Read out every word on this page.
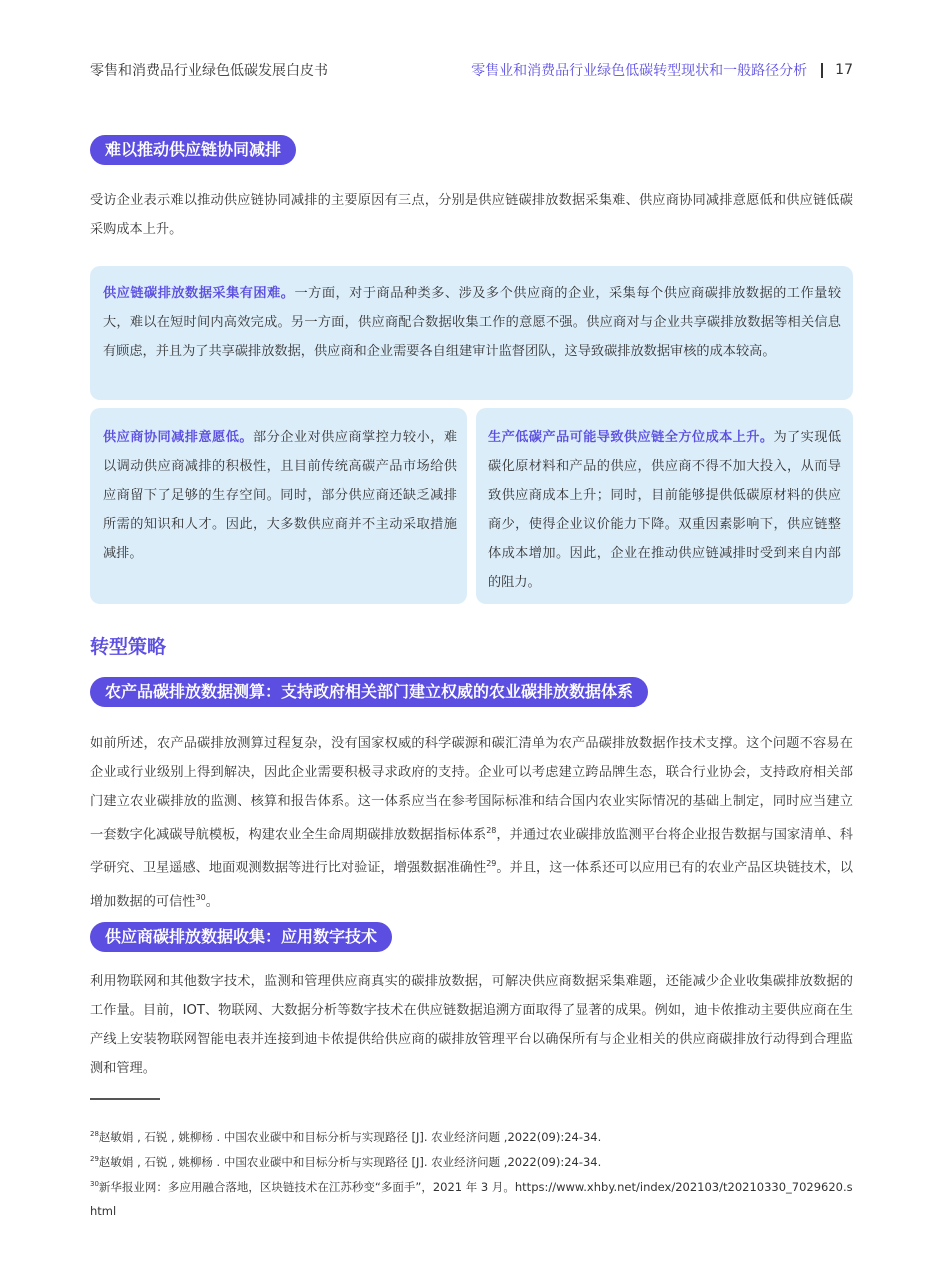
零售和消费品行业绿色低碳发展白皮书	零售业和消费品行业绿色低碳转型现状和一般路径分析 17
难以推动供应链协同减排

受访企业表示难以推动供应链协同减排的主要原因有三点，分别是供应链碳排放数据采集难、供应商协同减排意愿低和供应链低碳采购成本上升。

供应链碳排放数据采集有困难。一方面，对于商品种类多、涉及多个供应商的企业，采集每个供应商碳排放数据的工作量较大，难以在短时间内高效完成。另一方面，供应商配合数据收集工作的意愿不强。供应商对与企业共享碳排放数据等相关信息有顾虑，并且为了共享碳排放数据，供应商和企业需要各自组建审计监督团队，这导致碳排放数据审核的成本较高。

供应商协同减排意愿低。部分企业对供应商掌控力较小，难以调动供应商减排的积极性，且目前传统高碳产品市场给供应商留下了足够的生存空间。同时，部分供应商还缺乏减排所需的知识和人才。因此，大多数供应商并不主动采取措施减排。

生产低碳产品可能导致供应链全方位成本上升。为了实现低碳化原材料和产品的供应，供应商不得不加大投入，从而导致供应商成本上升；同时，目前能够提供低碳原材料的供应商少，使得企业议价能力下降。双重因素影响下，供应链整体成本增加。因此，企业在推动供应链减排时受到来自内部的阻力。

转型策略
农产品碳排放数据测算：支持政府相关部门建立权威的农业碳排放数据体系

如前所述，农产品碳排放测算过程复杂，没有国家权威的科学碳源和碳汇清单为农产品碳排放数据作技术支撑。这个问题不容易在企业或行业级别上得到解决，因此企业需要积极寻求政府的支持。企业可以考虑建立跨品牌生态，联合行业协会，支持政府相关部门建立农业碳排放的监测、核算和报告体系。这一体系应当在参考国际标准和结合国内农业实际情况的基础上制定，同时应当建立一套数字化减碳导航模板，构建农业全生命周期碳排放数据指标体系$^{28}$，并通过农业碳排放监测平台将企业报告数据与国家清单、科学研究、卫星遥感、地面观测数据等进行比对验证，增强数据准确性$^{29}$。并且，这一体系还可以应用已有的农业产品区块链技术，以增加数据的可信性$^{30}$。

供应商碳排放数据收集：应用数字技术

利用物联网和其他数字技术，监测和管理供应商真实的碳排放数据，可解决供应商数据采集难题，还能减少企业收集碳排放数据的工作量。目前，IOT、物联网、大数据分析等数字技术在供应链数据追溯方面取得了显著的成果。例如，迪卡侬推动主要供应商在生产线上安装物联网智能电表并连接到迪卡侬提供给供应商的碳排放管理平台以确保所有与企业相关的供应商碳排放行动得到合理监测和管理。

$^{28}$赵敏娟 , 石锐 , 姚柳杨 . 中国农业碳中和目标分析与实现路径 [J]. 农业经济问题 ,2022(09):24-34.

$^{29}$赵敏娟 , 石锐 , 姚柳杨 . 中国农业碳中和目标分析与实现路径 [J]. 农业经济问题 ,2022(09):24-34.

$^{30}$新华报业网：多应用融合落地，区块链技术在江苏秒变“多面手”，2021 年 3 月。https://www.xhby.net/index/202103/t20210330_7029620.shtml
